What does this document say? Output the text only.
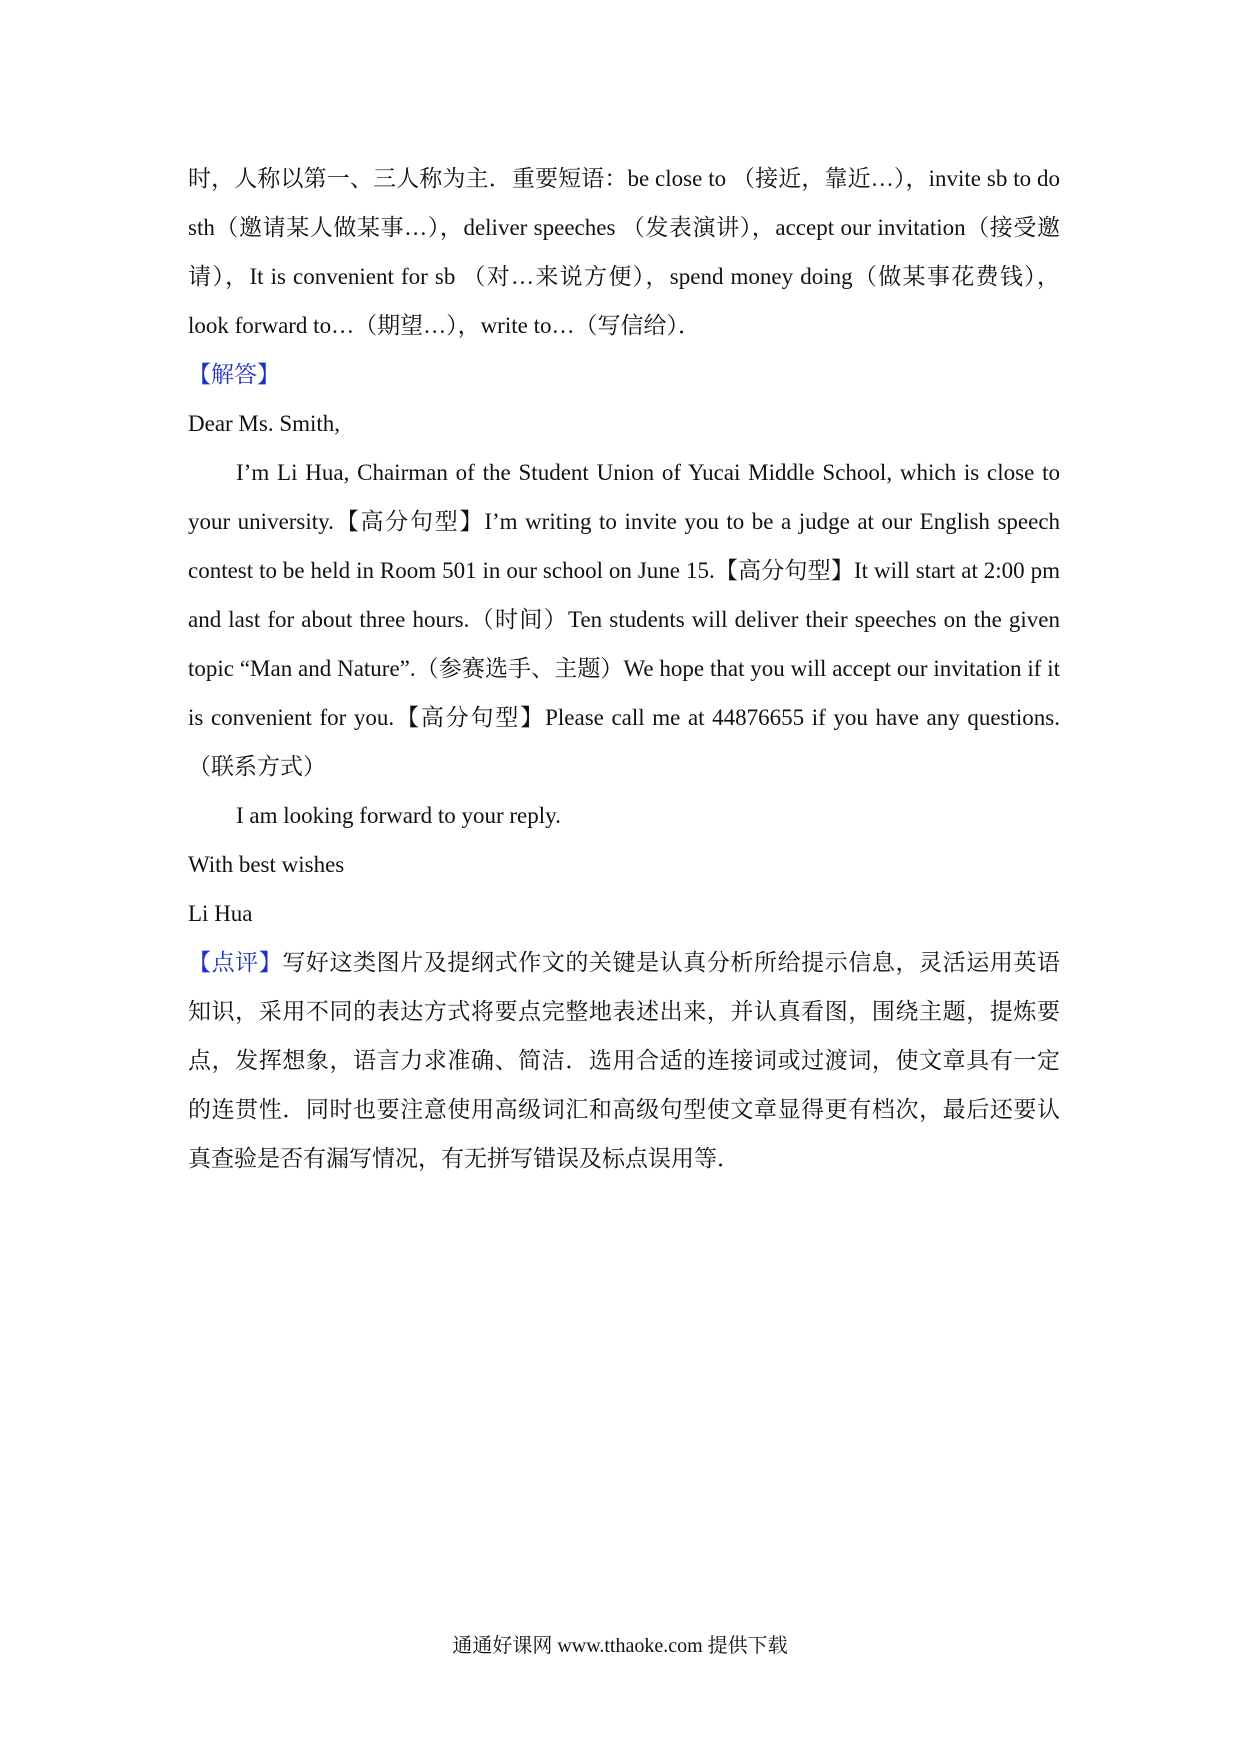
时，人称以第一、三人称为主．重要短语：be close to （接近，靠近…），invite sb to do sth（邀请某人做某事…），deliver speeches （发表演讲），accept our invitation（接受邀请），It is convenient for sb （对…来说方便），spend money doing（做某事花费钱），look forward to…（期望…），write to…（写信给）．

【解答】

Dear Ms. Smith,

I’m Li Hua, Chairman of the Student Union of Yucai Middle School, which is close to your university.【高分句型】I’m writing to invite you to be a judge at our English speech contest to be held in Room 501 in our school on June 15.【高分句型】It will start at 2:00 pm and last for about three hours.（时间）Ten students will deliver their speeches on the given topic “Man and Nature”.（参赛选手、主题）We hope that you will accept our invitation if it is convenient for you.【高分句型】Please call me at 44876655 if you have any questions.（联系方式）

I am looking forward to your reply.

With best wishes

Li Hua

【点评】写好这类图片及提纲式作文的关键是认真分析所给提示信息，灵活运用英语知识，采用不同的表达方式将要点完整地表述出来，并认真看图，围绕主题，提炼要点，发挥想象，语言力求准确、简洁．选用合适的连接词或过渡词，使文章具有一定的连贯性．同时也要注意使用高级词汇和高级句型使文章显得更有档次，最后还要认真查验是否有漏写情况，有无拼写错误及标点误用等．

通通好课网 www.tthaoke.com 提供下载
